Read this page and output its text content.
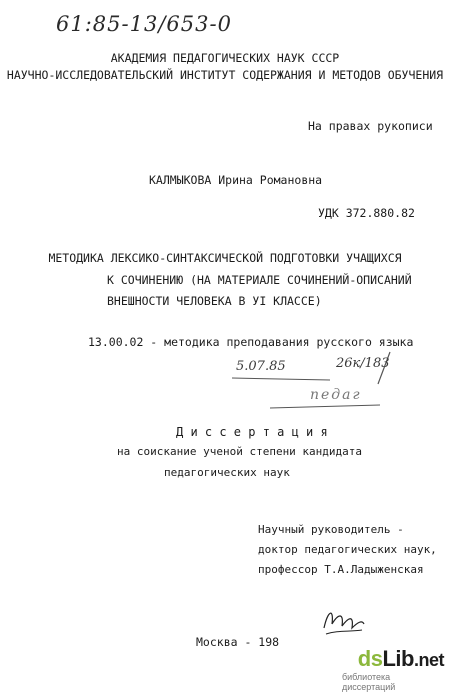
61:85-13/653-0
АКАДЕМИЯ ПЕДАГОГИЧЕСКИХ НАУК СССР
НАУЧНО-ИССЛЕДОВАТЕЛЬСКИЙ ИНСТИТУТ СОДЕРЖАНИЯ И МЕТОДОВ ОБУЧЕНИЯ
На правах рукописи
КАЛМЫКОВА Ирина Романовна
УДК 372.880.82
МЕТОДИКА ЛЕКСИКО-СИНТАКСИЧЕСКОЙ ПОДГОТОВКИ УЧАЩИХСЯ
К СОЧИНЕНИЮ (НА МАТЕРИАЛЕ СОЧИНЕНИЙ-ОПИСАНИЙ
ВНЕШНОСТИ ЧЕЛОВЕКА В УI КЛАССЕ)
13.00.02 - методика преподавания русского языка
5.07.85	26к/183
педаг
Д и с с е р т а ц и я
на соискание ученой степени кандидата
педагогических наук
Научный руководитель -
доктор педагогических наук,
профессор Т.А.Ладыженская
Москва - 198
dsLib.net
библиотека диссертаций
